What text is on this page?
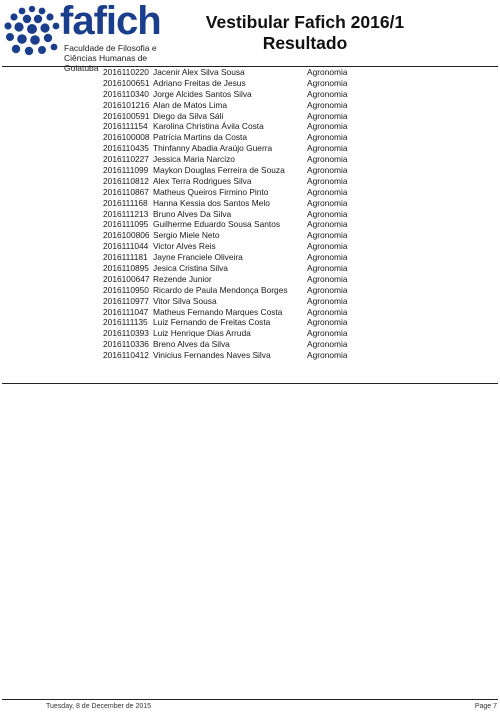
fafich
Faculdade de Filosofia e
Ciências Humanas de Goiatuba
Vestibular Fafich 2016/1
Resultado
2016110220 Jacenir Alex Silva Sousa	Agronomia
2016100651 Adriano Freitas de Jesus	Agronomia
2016110340 Jorge Alcides Santos Silva	Agronomia
2016101216 Alan de Matos Lima	Agronomia
2016100591 Diego da Silva Sáli	Agronomia
2016111154 Karolina Christina Ávila Costa	Agronomia
2016100008 Patrícia Martins da Costa	Agronomia
2016110435 Thinfanny Abadia Araújo Guerra	Agronomia
2016110227 Jessica Maria Narcizo	Agronomia
2016111099 Maykon Douglas Ferreira de Souza	Agronomia
2016110812 Alex Terra Rodrigues Silva	Agronomia
2016110867 Matheus Queiros Firmino Pinto	Agronomia
2016111168 Hanna Kessia dos Santos Melo	Agronomia
2016111213 Bruno Alves Da Silva	Agronomia
2016111095 Guilherme Eduardo Sousa Santos	Agronomia
2016100806 Sergio Miele Neto	Agronomia
2016111044 Victor Alves Reis	Agronomia
2016111181 Jayne Franciele Oliveira	Agronomia
2016110895 Jesica Cristina Silva	Agronomia
2016100647 Rezende Junior	Agronomia
2016110950 Ricardo de Paula Mendonça Borges Agronomia
2016110977 Vitor Silva Sousa	Agronomia
2016111047 Matheus Fernando Marques Costa	Agronomia
2016111135 Luiz Fernando de Freitas Costa	Agronomia
2016110393 Luiz Henrique Dias Arruda	Agronomia
2016110336 Breno Alves da Silva	Agronomia
2016110412 Vinicius Fernandes Naves Silva	Agronomia
Tuesday, 8 de December de 2015	Page 7
